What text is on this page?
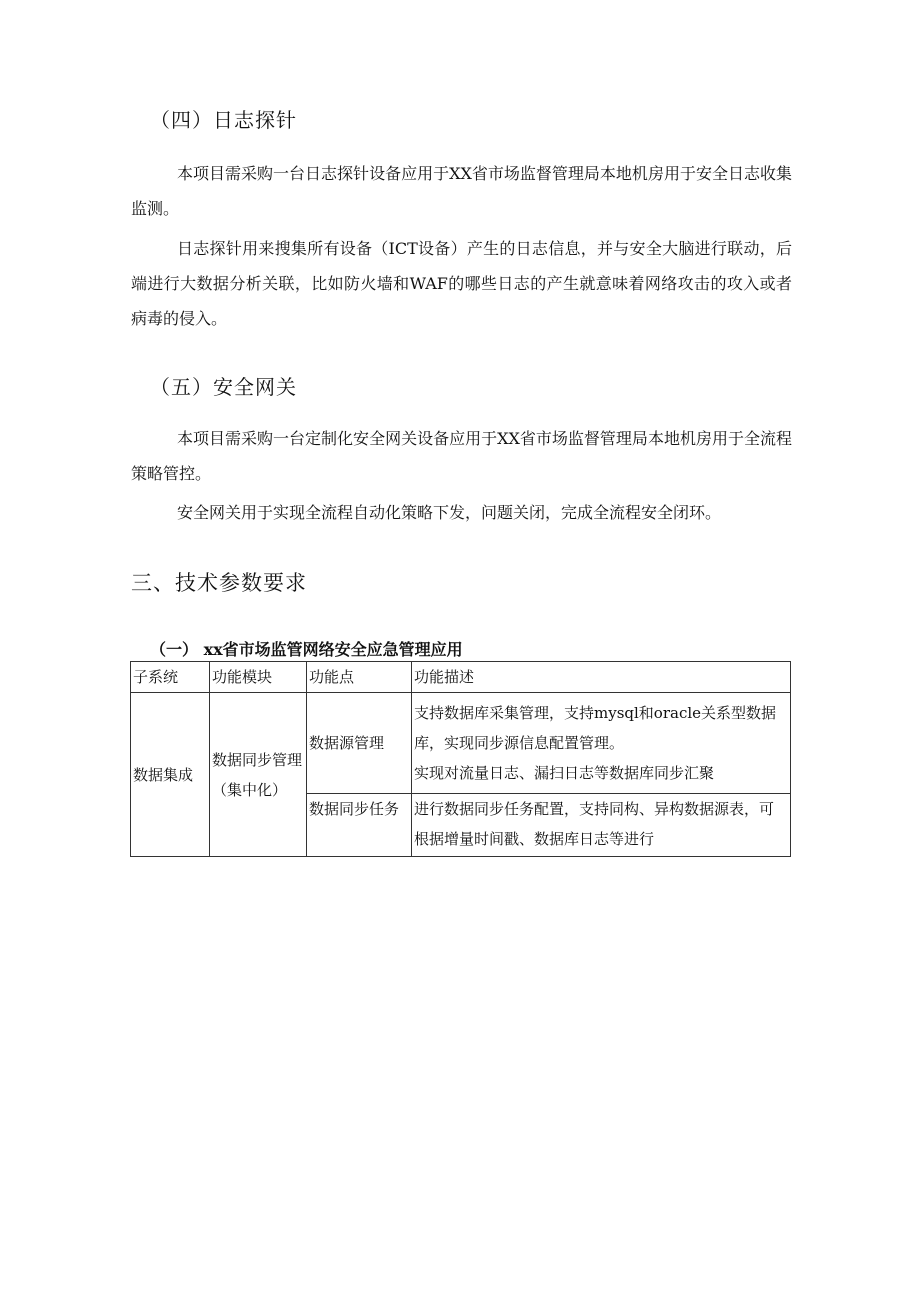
（四）日志探针
本项目需采购一台日志探针设备应用于XX省市场监督管理局本地机房用于安全日志收集监测。
日志探针用来搜集所有设备（ICT设备）产生的日志信息，并与安全大脑进行联动，后端进行大数据分析关联，比如防火墙和WAF的哪些日志的产生就意味着网络攻击的攻入或者病毒的侵入。
（五）安全网关
本项目需采购一台定制化安全网关设备应用于XX省市场监督管理局本地机房用于全流程策略管控。
安全网关用于实现全流程自动化策略下发，问题关闭，完成全流程安全闭环。
三、技术参数要求
（一） xx省市场监管网络安全应急管理应用
子系统	功能模块	功能点	功能描述
数据集成	数据同步管理（集中化）	数据源管理	支持数据库采集管理，支持mysql和oracle关系型数据库，实现同步源信息配置管理。
实现对流量日志、漏扫日志等数据库同步汇聚

		数据同步任务	进行数据同步任务配置，支持同构、异构数据源表，可根据增量时间戳、数据库日志等进行
